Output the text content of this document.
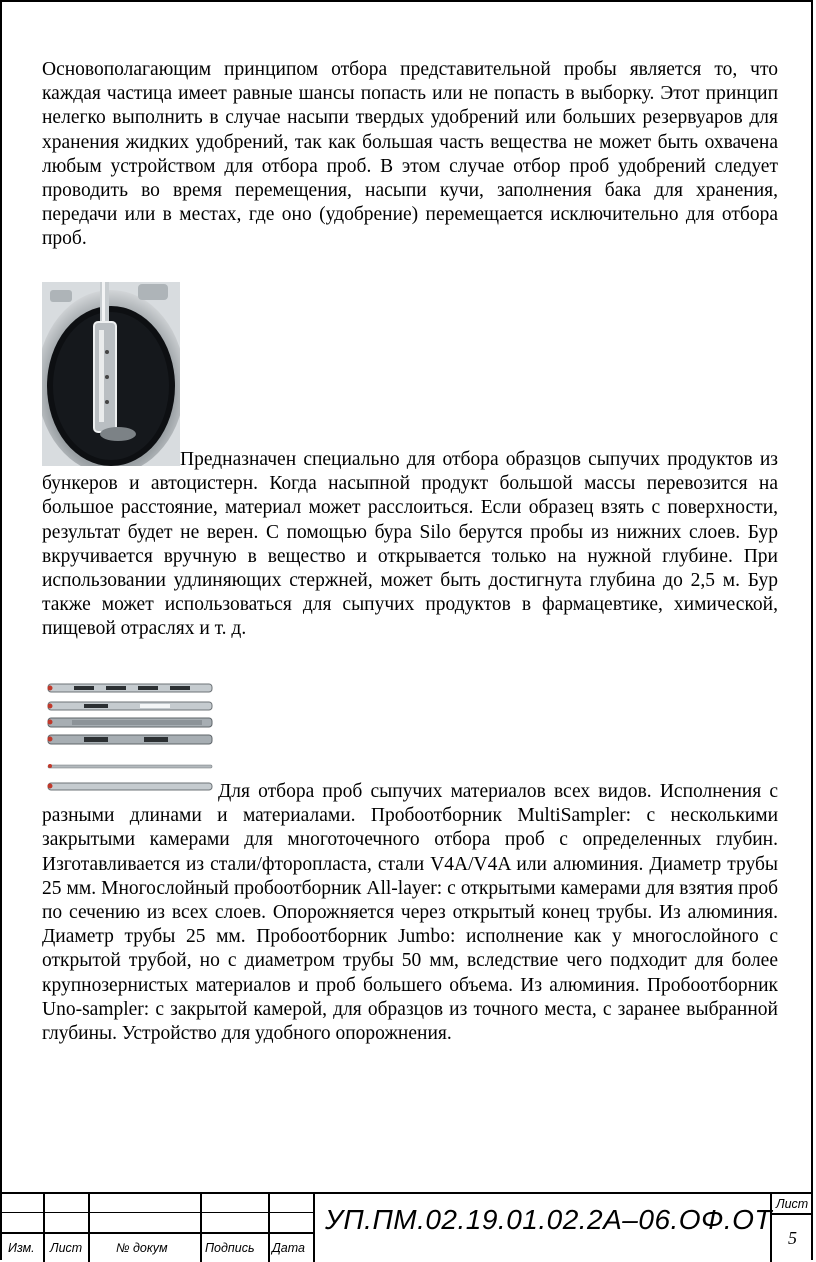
Основополагающим принципом отбора представительной пробы является то, что каждая частица имеет равные шансы попасть или не попасть в выборку. Этот принцип нелегко выполнить в случае насыпи твердых удобрений или больших резервуаров для хранения жидких удобрений, так как большая часть вещества не может быть охвачена любым устройством для отбора проб. В этом случае отбор проб удобрений следует проводить во время перемещения, насыпи кучи, заполнения бака для хранения, передачи или в местах, где оно (удобрение) перемещается исключительно для отбора проб.

Предназначен специально для отбора образцов сыпучих продуктов из бункеров и автоцистерн. Когда насыпной продукт большой массы перевозится на большое расстояние, материал может расслоиться. Если образец взять с поверхности, результат будет не верен. С помощью бура Silo берутся пробы из нижних слоев. Бур вкручивается вручную в вещество и открывается только на нужной глубине. При использовании удлиняющих стержней, может быть достигнута глубина до 2,5 м. Бур также может использоваться для сыпучих продуктов в фармацевтике, химической, пищевой отраслях и т. д.

Для отбора проб сыпучих материалов всех видов. Исполнения с разными длинами и материалами. Пробоотборник MultiSampler: с несколькими закрытыми камерами для многоточечного отбора проб с определенных глубин. Изготавливается из стали/фторопласта, стали V4A/V4A или алюминия. Диаметр трубы 25 мм. Многослойный пробоотборник All-layer: с открытыми камерами для взятия проб по сечению из всех слоев. Опорожняется через открытый конец трубы. Из алюминия. Диаметр трубы 25 мм. Пробоотборник Jumbo: исполнение как у многослойного с открытой трубой, но с диаметром трубы 50 мм, вследствие чего подходит для более крупнозернистых материалов и проб большего объема. Из алюминия. Пробоотборник Uno-sampler: с закрытой камерой, для образцов из точного места, с заранее выбранной глубины. Устройство для удобного опорожнения.

Изм. Лист	№ докум	Подпись Дата
УП.ПМ.02.19.01.02.2А–06.ОФ.ОТ Лист
5
